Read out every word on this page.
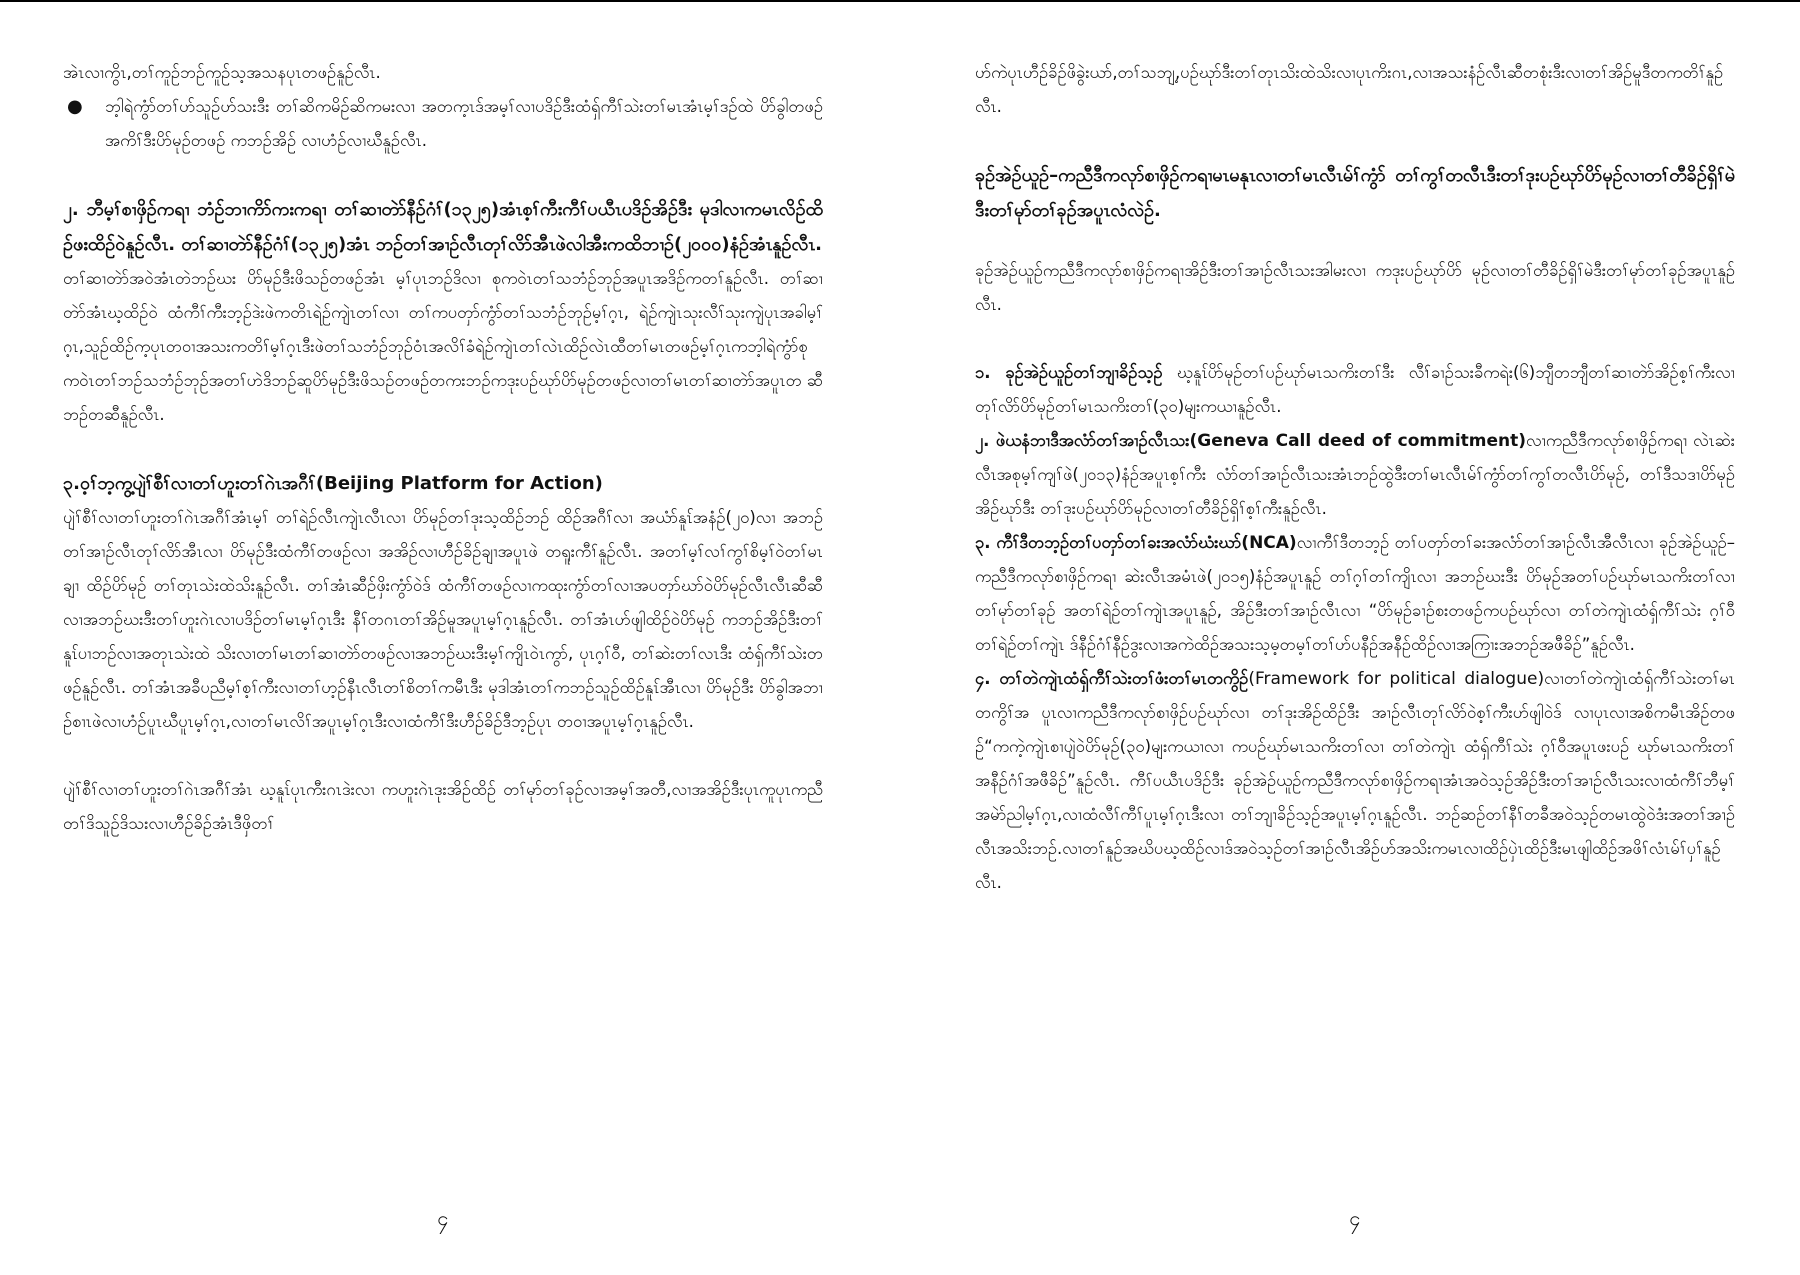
အဲၤလၢကွိၤ,တၢ်ကူဉ်ဘဉ်ကူဉ်သ့အသနပုၤတဖဉ်နူဉ်လီၤ.

●	ဘ့ါရဲကွံာ်တၢ်ဟ်သူဉ်ဟ်သးဒီး တၢ်ဆိကမိဉ်ဆိကမးလၢ အတက့ၤဒ်အမ့ၢ်လၢပဒိဉ်ဒီးထံရှ်ကီၢ်သဲးတၢ်မၤအံၤမ့ၢ်ဒဉ်ထဲ ပိာ်ခွါတဖဉ်အကိၢ်ဒီးပိာ်မုဉ်တဖဉ် ကဘဉ်အိဉ် လၢဟံဉ်လၢဃီနူဉ်လီၤ.

၂. ဘီမ့ၢ်စၢဖှိဉ်ကရၢ ဘံဉ်ဘၢကိာ်ကးကရၢ တၢ်ဆၢတဲာ်နီဉ်ဂံၢ်(၁၃၂၅)အံၤစ့ၢ်ကီးကီၢ်ပယီၤပဒိဉ်အိဉ်ဒီး မုဒါလၢကမၤလိဉ်ထိဉ်ဖးထိဉ်ဝဲနူဉ်လီၤ. တၢ်ဆၢတဲာ်နီဉ်ဂံၢ်(၁၃၂၅)အံၤ ဘဉ်တၢ်အၢဉ်လီၤတုၢ်လိာ်အီၤဖဲလါအီးကထိဘၢဉ်(၂၀၀၀)နံဉ်အံၤနူဉ်လီၤ.

တၢ်ဆၢတဲာ်အဝဲအံၤတဲဘဉ်ဃး ပိာ်မုဉ်ဒီးဖိသဉ်တဖဉ်အံၤ မ့ၢ်ပုၤဘဉ်ဒိလၢ စုကဝဲၤတၢ်သဘံဉ်ဘုဉ်အပူၤအဒိဉ်ကတၢ်နူဉ်လီၤ. တၢ်ဆၢတဲာ်အံၤဃ့ထိဉ်ဝဲ ထံကီၢ်ကီးဘ့ဉ်ဒဲးဖဲကတိၤရဲဉ်ကျဲၤတၢ်လၢ တၢ်ကပတှာ်ကွံာ်တၢ်သဘံဉ်ဘုဉ်မ့ၢ်ဂ့ၤ, ရဲဉ်ကျဲၤသုးလီၢ်သုးကျဲပုၤအခါမ့ၢ်ဂ့ၤ,သူဉ်ထိဉ်က့ပုၤတဝၢအသးကတိၢ်မ့ၢ်ဂ့ၤဒီးဖဲတၢ်သဘံဉ်ဘုဉ်ဝံၤအလိၢ်ခံရဲဉ်ကျဲၤတၢ်လဲၤထိဉ်လဲၤထီတၢ်မၤတဖဉ်မ့ၢ်ဂ့ၤကဘ့ါရဲကွံာ်စုကဝဲၤတၢ်ဘဉ်သဘံဉ်ဘုဉ်အတၢ်ဟဲဒိဘဉ်ဆူပိာ်မုဉ်ဒီးဖိသဉ်တဖဉ်တကးဘဉ်ကဒုးပဉ်ဃုာ်ပိာ်မုဉ်တဖဉ်လၢတၢ်မၤတၢ်ဆၢတဲာ်အပူၤတ ဆီဘဉ်တဆီနူဉ်လီၤ.

၃.ဝ့ၢ်ဘ့ကွ့ပျဲၢ်စီၢ်လၢတၢ်ဟူးတၢ်ဂဲၤအဂီၢ်(Beijing Platform for Action)

ပျဲၢ်စီၢ်လၢတၢ်ဟူးတၢ်ဂဲၤအဂီၢ်အံၤမ့ၢ် တၢ်ရဲဉ်လီၤကျဲၤလီၤလၢ ပိာ်မုဉ်တၢ်ဒုးသ့ထိဉ်ဘဉ် ထိဉ်အဂီၢ်လၢ အယံာ်နူၤ်အနံဉ်(၂၀)လၢ အဘဉ်တၢ်အၢဉ်လီၤတုၢ်လိာ်အီၤလၢ ပိာ်မုဉ်ဒီးထံကီၢ်တဖဉ်လၢ အအိဉ်လၢဟီဉ်ခိဉ်ချၢအပူၤဖဲ တရူးကီၢ်နူဉ်လီၤ. အတၢ်မ့ၢ်လၢ်ကွၢ်စိမ့ၢ်ဝဲတၢ်မၤချၢ ထိဉ်ပိာ်မုဉ် တၢ်တုၤသဲးထဲသိးနူဉ်လီၤ. တၢ်အံၤဆီဉ်ဖှိးကွံာ်ဝဲဒ် ထံကီၢ်တဖဉ်လၢကထုးကွံာ်တၢ်လၢအပတှာ်ဃာ်ဝဲပိာ်မုဉ်လီၤလီၤဆီဆီလၢအဘဉ်ဃးဒီးတၢ်ဟူးဂဲၤလၢပဒိဉ်တၢ်မၤမ့ၢ်ဂ့ၤဒီး နီၢ်တဂၤတၢ်အိဉ်မူအပူၤမ့ၢ်ဂ့ၤနူဉ်လီၤ. တၢ်အံၤဟ်ဖျါထိဉ်ဝဲပိာ်မုဉ် ကဘဉ်အိဉ်ဒီးတၢ်နူၤ်ပၢဘဉ်လၢအတုၤသဲးထဲ သိးလၢတၢ်မၤတၢ်ဆၢတဲာ်တဖဉ်လၢအဘဉ်ဃးဒီးမ့ၢ်ကျိၤဝဲၤကွာ်, ပုၤဂ့ၢ်ဝီ, တၢ်ဆဲးတၢ်လၤဒီး ထံရှ်ကီၢ်သဲးတဖဉ်နူဉ်လီၤ. တၢ်အံၤအခီပညီမ့ၢ်စ့ၢ်ကီးလၢတၢ်ဟ့ဉ်နီၤလီၤတၢ်စိတၢ်ကမီၤဒီး မုဒါအံၤတၢ်ကဘဉ်သူဉ်ထိဉ်နူၤ်အီၤလၢ ပိာ်မုဉ်ဒီး ပိာ်ခွါအဘၢဉ်စၢၤဖဲလၢဟံဉ်ပူၤဃီပူၤမ့ၢ်ဂ့ၤ,လၢတၢ်မၤလိၢ်အပူၤမ့ၢ်ဂ့ၤဒီးလၢထံကီၢ်ဒီးဟီဉ်ခိဉ်ဒီဘ့ဉ်ပုၤ တဝၢအပူၤမ့ၢ်ဂ့ၤနူဉ်လီၤ.

ပျဲၢ်စီၢ်လၢတၢ်ဟူးတၢ်ဂဲၤအဂီၢ်အံၤ ဃ့နူၤ်ပုၤကီးဂၤဒဲးလၢ ကဟူးဂဲၤဒုးအိဉ်ထိဉ် တၢ်မုာ်တၢ်ခုဉ်လၢအမ့ၢ်အတီ,လၢအအိဉ်ဒီးပုၤကူပုၤကညီတၢ်ဒိသူဉ်ဒိသးလၢဟီဉ်ခိဉ်အံၤဒီဖှိတၢ်

၄

ဟ်ကဲပုၤဟီဉ်ခိဉ်ဖိခွဲးယာ်,တၢ်သဘျ့,ပဉ်ဃုာ်ဒီးတၢ်တုၤသိးထဲသိးလၢပုၤကိးဂၤ,လၢအသးနံဉ်လီၤဆီတစုံးဒီးလၢတၢ်အိဉ်မူဒီတကတိၢ်နူဉ်လီၤ.

ခုဉ်အဲဉ်ယူဉ်–ကညီဒီကလုာ်စၢဖှိဉ်ကရၢမၤမနုၤလၢတၢ်မၤလီၤမ်ၢ်ကွံာ် တၢ်ကွၢ်တလီၤဒီးတၢ်ဒုးပဉ်ဃုာ်ပိာ်မုဉ်လၢတၢ်တီခိဉ်ရှိၢ်မဲဒီးတၢ်မုာ်တၢ်ခုဉ်အပူၤလံလဲဉ်.

ခုဉ်အဲဉ်ယူဉ်ကညီဒီကလုာ်စၢဖှိဉ်ကရၢအိဉ်ဒီးတၢ်အၢဉ်လီၤသးအါမးလၢ ကဒုးပဉ်ဃုာ်ပိာ် မုဉ်လၢတၢ်တီခိဉ်ရှိၢ်မဲဒီးတၢ်မုာ်တၢ်ခုဉ်အပူၤနူဉ်လီၤ.

၁. ခုဉ်အဲဉ်ယူဉ်တၢ်ဘျၢခိဉ်သ့ဉ် ဃ့နူၤ်ပိာ်မုဉ်တၢ်ပဉ်ဃုာ်မၤသကိးတၢ်ဒီး လီၢ်ခၢဉ်သးခီကရဲး(၆)ဘျီတဘျီတၢ်ဆၢတဲာ်အိဉ်စ့ၢ်ကီးလၢ တုၢ်လိာ်ပိာ်မုဉ်တၢ်မၤသကိးတၢ်(၃၀)မျးကယၢနူဉ်လီၤ.

၂. ဖဲယနံဘၢဒီအလံာ်တၢ်အၢဉ်လီၤသး(Geneva Call deed of commitment)လၢကညီဒီကလုာ်စၢဖှိဉ်ကရၢ လဲၤဆဲးလီၤအစုမ့ၢ်ကျၢ်ဖဲ(၂၀၁၃)နံဉ်အပူၤစ့ၢ်ကီး လံာ်တၢ်အၢဉ်လီၤသးအံၤဘဉ်ထွဲဒီးတၢ်မၤလီၤမ်ၢ်ကွံာ်တၢ်ကွၢ်တလီၤပိာ်မုဉ်, တၢ်ဒီသဒၢပိာ်မုဉ်အိဉ်ဃုာ်ဒီး တၢ်ဒုးပဉ်ဃုာ်ပိာ်မုဉ်လၢတၢ်တီခိဉ်ရှိၢ်စ့ၢ်ကီးနူဉ်လီၤ.

၃. ကီၢ်ဒီတဘ့ဉ်တၢ်ပတှာ်တၢ်ခးအလံာ်ဃံးဃာ်(NCA)လၢကီၢ်ဒီတဘ့ဉ် တၢ်ပတှာ်တၢ်ခးအလံာ်တၢ်အၢဉ်လီၤအီလီၤလၢ ခုဉ်အဲဉ်ယူဉ်–ကညီဒီကလုာ်စၢဖှိဉ်ကရၢ ဆဲးလီၤအမံၤဖဲ(၂၀၁၅)နံဉ်အပူၤနူဉ် တၢ်ဂ့ၢ်တၢ်ကျိၤလၢ အဘဉ်ဃးဒီး ပိာ်မုဉ်အတၢ်ပဉ်ဃုာ်မၤသကိးတၢ်လၢတၢ်မုာ်တၢ်ခုဉ် အတၢ်ရဲဉ်တၢ်ကျဲၤအပူၤနူဉ်, အိဉ်ဒီးတၢ်အၢဉ်လီၤလၢ “ပိာ်မုဉ်ခၢဉ်စးတဖဉ်ကပဉ်ဃုာ်လၢ တၢ်တဲကျဲၤထံရှ်ကီၢ်သဲး ဂ့ၢ်ဝီတၢ်ရဲဉ်တၢ်ကျဲၤ ဒ်နီဉ်ဂံၢ်နီဉ်ဒွးလၢအကဲထိဉ်အသးသ့မ့တမ့ၢ်တၢ်ဟ်ပနီဉ်အနီဉ်ထိဉ်လၢအကြၢးအဘဉ်အဖီခိဉ်”နူဉ်လီၤ.

၄. တၢ်တဲကျဲၤထံရှ်ကီၢ်သဲးတၢ်ဖံးတၢ်မၤတကွိဉ်(Framework for political dialogue)လၢတၢ်တဲကျဲၤထံရှ်ကီၢ်သဲးတၢ်မၤတကွိၢ်အ ပူၤလၢကညီဒီကလုာ်စၢဖှိဉ်ပဉ်ဃုာ်လၢ တၢ်ဒုးအိဉ်ထိဉ်ဒီး အၢဉ်လီၤတုၢ်လိာ်ဝဲစ့ၢ်ကီးဟ်ဖျါဝဲဒ် လၢပုၤလၢအစိကမီၤအိဉ်တဖဉ်“ကကဲ့ကျဲၤစၢပျဲဝဲပိာ်မုဉ်(၃၀)မျးကယၢလၢ ကပဉ်ဃုာ်မၤသကိးတၢ်လၢ တၢ်တဲကျဲၤ ထံရှ်ကီၢ်သဲး ဂ့ၢ်ဝီအပူၤဖးပဉ် ဃုာ်မၤသကိးတၢ်အနီဉ်ဂံၢ်အဖီခိဉ်”နူဉ်လီၤ. ကီၢ်ပယီၤပဒိဉ်ဒီး ခုဉ်အဲဉ်ယူဉ်ကညီဒီကလုာ်စၢဖှိဉ်ကရၢအံၤအဝဲသ့ဉ်အိဉ်ဒီးတၢ်အၢဉ်လီၤသးလၢထံကီၢ်ဘီမ့ၢ်အမဲာ်ညါမ့ၢ်ဂ့ၤ,လၢထံလီၢ်ကီၢ်ပူၤမ့ၢ်ဂ့ၤဒီးလၢ တၢ်ဘျၢခိဉ်သ့ဉ်အပူၤမ့ၢ်ဂ့ၤနူဉ်လီၤ. ဘဉ်ဆဉ်တၢ်နီၢ်တခီအဝဲသ့ဉ်တမၤထွဲဝဲဒံးအတၢ်အၢဉ်လီၤအသိးဘဉ်.လၢတၢ်နူဉ်အဃိပဃ့ထိဉ်လၢဒ်အဝဲသ့ဉ်တၢ်အၢဉ်လီၤအိဉ်ဟ်အသိးကမၤလၢထိဉ်ပှဲၤထိဉ်ဒီးမၤဖျါထိဉ်အဖိၢ်လံၤမ်ၢ်ပှၢ်နူဉ်လီၤ.

၄
